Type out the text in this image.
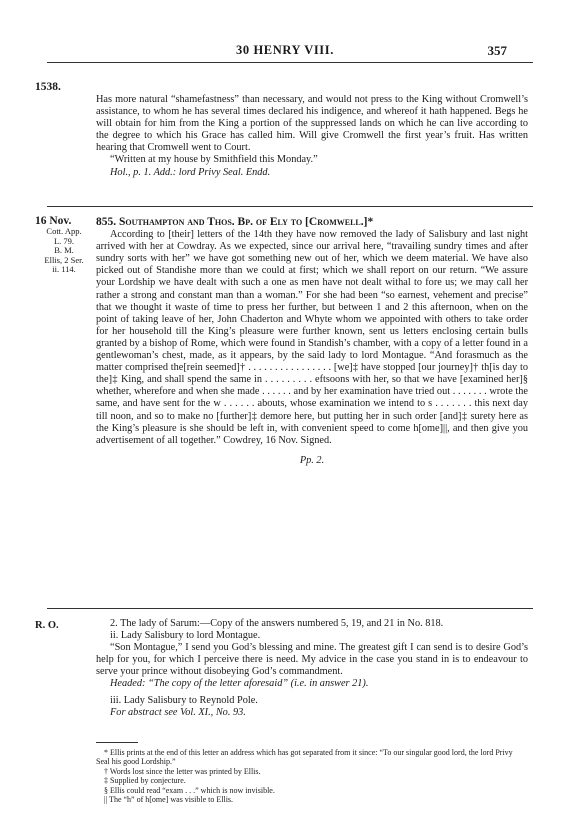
30 HENRY VIII.	357
1538.

Has more natural “shamefastness” than necessary, and would not press to the King without Cromwell’s assistance, to whom he has several times declared his indigence, and whereof it hath happened. Begs he will obtain for him from the King a portion of the suppressed lands on which he can live according to the degree to which his Grace has called him. Will give Cromwell the first year’s fruit. Has written hearing that Cromwell went to Court.

“Written at my house by Smithfield this Monday.”

Hol., p. 1. Add.: lord Privy Seal. Endd.

16 Nov.
Cott. App.
L. 79.
B. M.
Ellis, 2 Ser.
ii. 114.

855. Southampton and Thos. Bp. of Ely to [Cromwell.]*

According to [their] letters of the 14th they have now removed the lady of Salisbury and last night arrived with her at Cowdray. As we expected, since our arrival here, “travailing sundry times and after sundry sorts with her” we have got something new out of her, which we deem material. We have also picked out of Standishe more than we could at first; which we shall report on our return. “We assure your Lordship we have dealt with such a one as men have not dealt withal to fore us; we may call her rather a strong and constant man than a woman.” For she had been “so earnest, vehement and precise” that we thought it waste of time to press her further, but between 1 and 2 this afternoon, when on the point of taking leave of her, John Chaderton and Whyte whom we appointed with others to take order for her household till the King’s pleasure were further known, sent us letters enclosing certain bulls granted by a bishop of Rome, which were found in Standish’s chamber, with a copy of a letter found in a gentlewoman’s chest, made, as it appears, by the said lady to lord Montague. “And forasmuch as the matter comprised the[rein seemed]† . . . . . . . . . . . . . . . . [we]‡ have stopped [our journey]† th[is day to the]‡ King, and shall spend the same in . . . . . . . . . eftsoons with her, so that we have [examined her]§ whether, wherefore and when she made . . . . . . and by her examination have tried out . . . . . . . wrote the same, and have sent for the w . . . . . . abouts, whose examination we intend to s . . . . . . . this next day till noon, and so to make no [further]‡ demore here, but putting her in such order [and]‡ surety here as the King’s pleasure is she should be left in, with convenient speed to come h[ome]||, and then give you advertisement of all together.” Cowdrey, 16 Nov. Signed.

Pp. 2.

R. O.	2. The lady of Sarum:—Copy of the answers numbered 5, 19, and 21 in No. 818.

ii. Lady Salisbury to lord Montague.

“Son Montague,” I send you God’s blessing and mine. The greatest gift I can send is to desire God’s help for you, for which I perceive there is need. My advice in the case you stand in is to endeavour to serve your prince without disobeying God’s commandment.

Headed: “The copy of the letter aforesaid” (i.e. in answer 21).

iii. Lady Salisbury to Reynold Pole.

For abstract see Vol. XI., No. 93.

* Ellis prints at the end of this letter an address which has got separated from it since: “To our singular good lord, the lord Privy Seal his good Lordship.”

† Words lost since the letter was printed by Ellis.

‡ Supplied by conjecture.

§ Ellis could read “exam . . .” which is now invisible.

|| The “h” of h[ome] was visible to Ellis.
